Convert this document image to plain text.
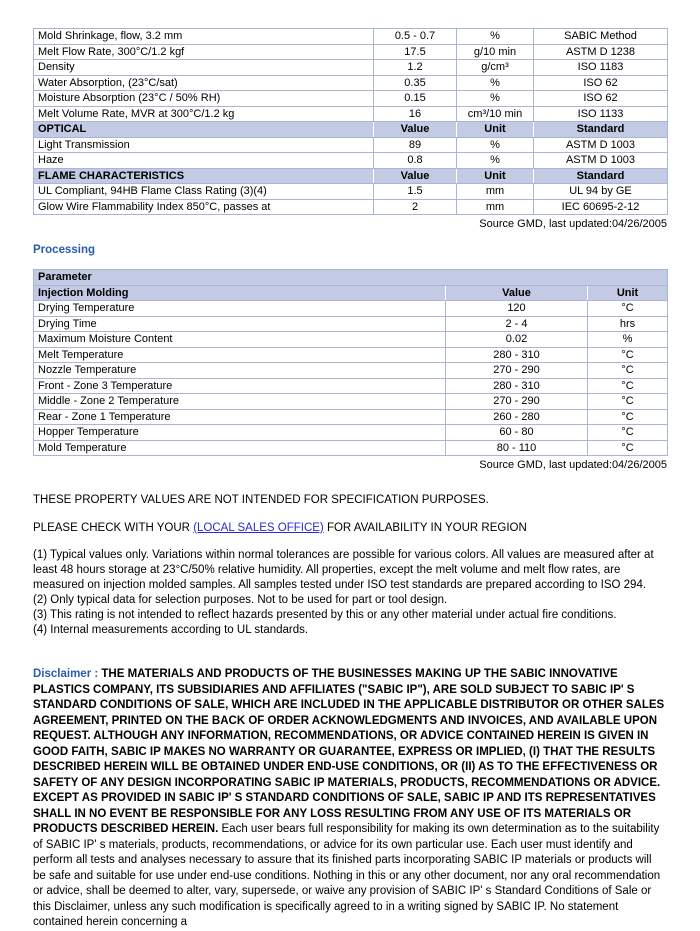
Mold Shrinkage, flow, 3.2 mm	0.5 - 0.7	%	SABIC Method
Melt Flow Rate, 300°C/1.2 kgf	17.5	g/10 min	ASTM D 1238
Density	1.2	g/cm³	ISO 1183
Water Absorption, (23°C/sat)	0.35	%	ISO 62
Moisture Absorption (23°C / 50% RH)	0.15	%	ISO 62
Melt Volume Rate, MVR at 300°C/1.2 kg	16	cm³/10 min	ISO 1133
OPTICAL	Value	Unit	Standard
Light Transmission	89	%	ASTM D 1003
Haze	0.8	%	ASTM D 1003
FLAME CHARACTERISTICS	Value	Unit	Standard
UL Compliant, 94HB Flame Class Rating (3)(4)	1.5	mm	UL 94 by GE
Glow Wire Flammability Index 850°C, passes at	2	mm	IEC 60695-2-12
Source GMD, last updated:04/26/2005
Processing
Parameter		
Injection Molding	Value	Unit
Drying Temperature	120	°C
Drying Time	2 - 4	hrs
Maximum Moisture Content	0.02	%
Melt Temperature	280 - 310	°C
Nozzle Temperature	270 - 290	°C
Front - Zone 3 Temperature	280 - 310	°C
Middle - Zone 2 Temperature	270 - 290	°C
Rear - Zone 1 Temperature	260 - 280	°C
Hopper Temperature	60 - 80	°C
Mold Temperature	80 - 110	°C
Source GMD, last updated:04/26/2005
THESE PROPERTY VALUES ARE NOT INTENDED FOR SPECIFICATION PURPOSES.
PLEASE CHECK WITH YOUR (LOCAL SALES OFFICE) FOR AVAILABILITY IN YOUR REGION
(1) Typical values only. Variations within normal tolerances are possible for various colors. All values are measured after at least 48 hours storage at 23°C/50% relative humidity. All properties, except the melt volume and melt flow rates, are measured on injection molded samples. All samples tested under ISO test standards are prepared according to ISO 294.
(2) Only typical data for selection purposes. Not to be used for part or tool design.
(3) This rating is not intended to reflect hazards presented by this or any other material under actual fire conditions.
(4) Internal measurements according to UL standards.
Disclaimer : THE MATERIALS AND PRODUCTS OF THE BUSINESSES MAKING UP THE SABIC INNOVATIVE PLASTICS COMPANY, ITS SUBSIDIARIES AND AFFILIATES ("SABIC IP"), ARE SOLD SUBJECT TO SABIC IP' S STANDARD CONDITIONS OF SALE, WHICH ARE INCLUDED IN THE APPLICABLE DISTRIBUTOR OR OTHER SALES AGREEMENT, PRINTED ON THE BACK OF ORDER ACKNOWLEDGMENTS AND INVOICES, AND AVAILABLE UPON REQUEST. ALTHOUGH ANY INFORMATION, RECOMMENDATIONS, OR ADVICE CONTAINED HEREIN IS GIVEN IN GOOD FAITH, SABIC IP MAKES NO WARRANTY OR GUARANTEE, EXPRESS OR IMPLIED, (I) THAT THE RESULTS DESCRIBED HEREIN WILL BE OBTAINED UNDER END-USE CONDITIONS, OR (II) AS TO THE EFFECTIVENESS OR SAFETY OF ANY DESIGN INCORPORATING SABIC IP MATERIALS, PRODUCTS, RECOMMENDATIONS OR ADVICE. EXCEPT AS PROVIDED IN SABIC IP' S STANDARD CONDITIONS OF SALE, SABIC IP AND ITS REPRESENTATIVES SHALL IN NO EVENT BE RESPONSIBLE FOR ANY LOSS RESULTING FROM ANY USE OF ITS MATERIALS OR PRODUCTS DESCRIBED HEREIN. Each user bears full responsibility for making its own determination as to the suitability of SABIC IP' s materials, products, recommendations, or advice for its own particular use. Each user must identify and perform all tests and analyses necessary to assure that its finished parts incorporating SABIC IP materials or products will be safe and suitable for use under end-use conditions. Nothing in this or any other document, nor any oral recommendation or advice, shall be deemed to alter, vary, supersede, or waive any provision of SABIC IP' s Standard Conditions of Sale or this Disclaimer, unless any such modification is specifically agreed to in a writing signed by SABIC IP. No statement contained herein concerning a
